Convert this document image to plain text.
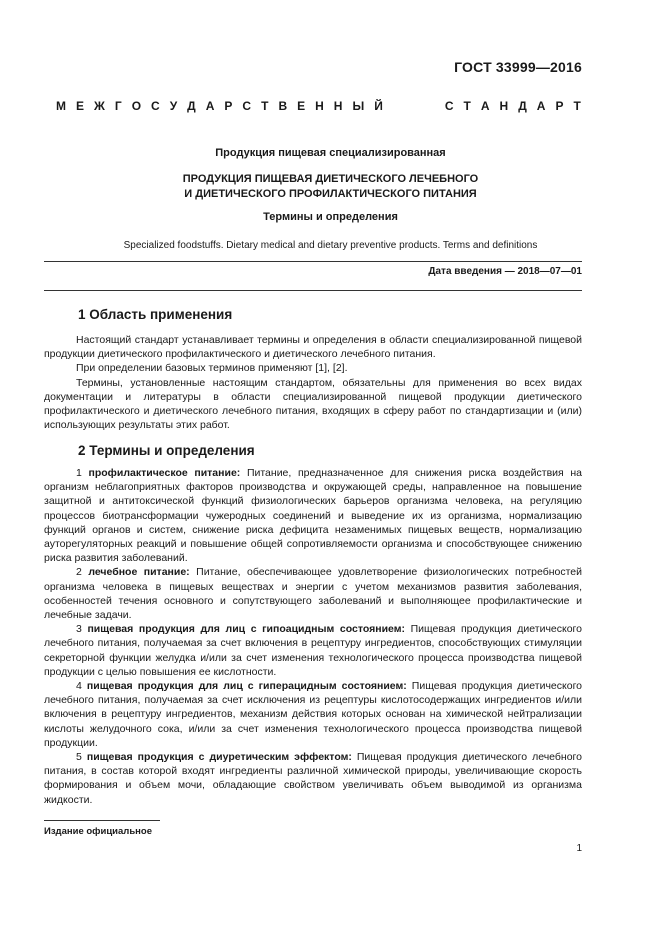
ГОСТ 33999—2016
М Е Ж Г О С У Д А Р С Т В Е Н Н Ы Й	С Т А Н Д А Р Т
Продукция пищевая специализированная
ПРОДУКЦИЯ ПИЩЕВАЯ ДИЕТИЧЕСКОГО ЛЕЧЕБНОГО
И ДИЕТИЧЕСКОГО ПРОФИЛАКТИЧЕСКОГО ПИТАНИЯ
Термины и определения
Specialized foodstuffs. Dietary medical and dietary preventive products. Terms and definitions
Дата введения — 2018—07—01
1 Область применения

Настоящий стандарт устанавливает термины и определения в области специализированной пищевой продукции диетического профилактического и диетического лечебного питания.

При определении базовых терминов применяют [1], [2].

Термины, установленные настоящим стандартом, обязательны для применения во всех видах документации и литературы в области специализированной пищевой продукции диетического профилактического и диетического лечебного питания, входящих в сферу работ по стандартизации и (или) использующих результаты этих работ.

2 Термины и определения

1 профилактическое питание: Питание, предназначенное для снижения риска воздействия на организм неблагоприятных факторов производства и окружающей среды, направленное на повышение защитной и антитоксической функций физиологических барьеров организма человека, на регуляцию процессов биотрансформации чужеродных соединений и выведение их из организма, нормализацию функций органов и систем, снижение риска дефицита незаменимых пищевых веществ, нормализацию ауторегуляторных реакций и повышение общей сопротивляемости организма и способствующее снижению риска развития заболеваний.

2 лечебное питание: Питание, обеспечивающее удовлетворение физиологических потребностей организма человека в пищевых веществах и энергии с учетом механизмов развития заболевания, особенностей течения основного и сопутствующего заболеваний и выполняющее профилактические и лечебные задачи.

3 пищевая продукция для лиц с гипоацидным состоянием: Пищевая продукция диетического лечебного питания, получаемая за счет включения в рецептуру ингредиентов, способствующих стимуляции секреторной функции желудка и/или за счет изменения технологического процесса производства пищевой продукции с целью повышения ее кислотности.

4 пищевая продукция для лиц с гиперацидным состоянием: Пищевая продукция диетического лечебного питания, получаемая за счет исключения из рецептуры кислотосодержащих ингредиентов и/или включения в рецептуру ингредиентов, механизм действия которых основан на химической нейтрализации кислоты желудочного сока, и/или за счет изменения технологического процесса производства пищевой продукции.

5 пищевая продукция с диуретическим эффектом: Пищевая продукция диетического лечебного питания, в состав которой входят ингредиенты различной химической природы, увеличивающие скорость формирования и объем мочи, обладающие свойством увеличивать объем выводимой из организма жидкости.

Издание официальное
1
